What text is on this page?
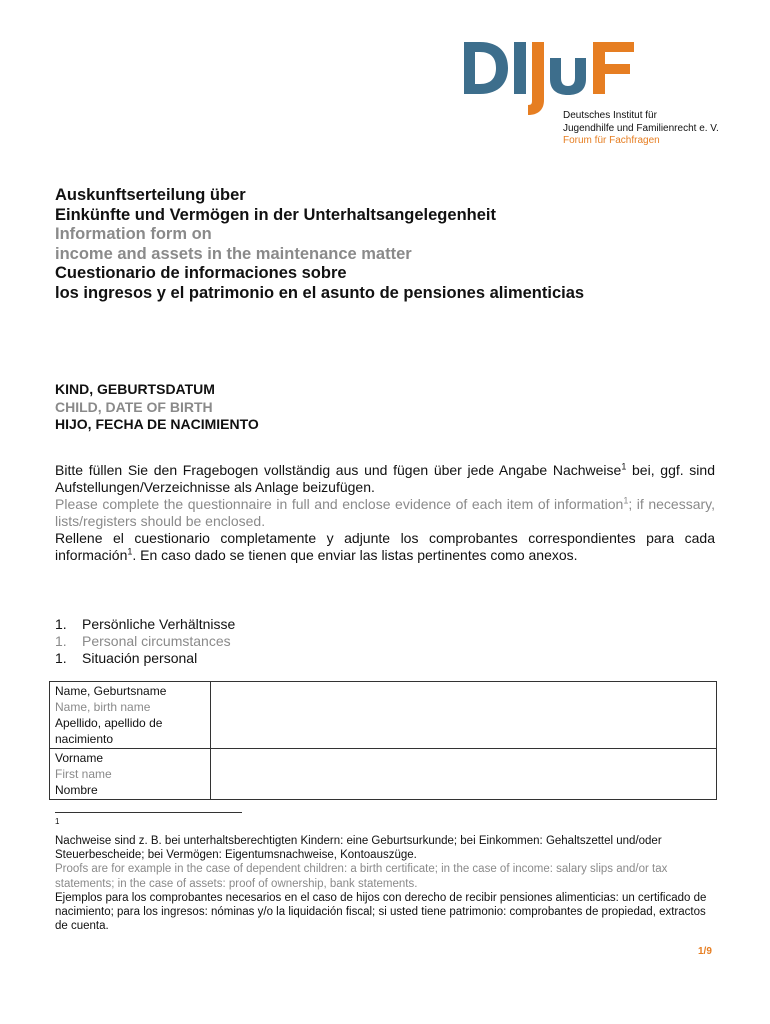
Deutsches Institut für
Jugendhilfe und Familienrecht e. V.
Forum für Fachfragen
Auskunftserteilung über
Einkünfte und Vermögen in der Unterhaltsangelegenheit
Information form on
income and assets in the maintenance matter
Cuestionario de informaciones sobre
los ingresos y el patrimonio en el asunto de pensiones alimenticias
KIND, GEBURTSDATUM
CHILD, DATE OF BIRTH
HIJO, FECHA DE NACIMIENTO
Bitte füllen Sie den Fragebogen vollständig aus und fügen über jede Angabe Nachweise$^1$ bei, ggf. sind Aufstellungen/Verzeichnisse als Anlage beizufügen.
Please complete the questionnaire in full and enclose evidence of each item of information$^1$; if necessary, lists/registers should be enclosed.
Rellene el cuestionario completamente y adjunte los comprobantes correspondientes para cada información$^1$. En caso dado se tienen que enviar las listas pertinentes como anexos.
1. Persönliche Verhältnisse
1. Personal circumstances
1. Situación personal
Name, Geburtsname
Name, birth name
Apellido, apellido de nacimiento	

Vorname
First name
Nombre	

1
Nachweise sind z. B. bei unterhaltsberechtigten Kindern: eine Geburtsurkunde; bei Einkommen: Gehaltszettel und/oder Steuerbescheide; bei Vermögen: Eigentumsnachweise, Kontoauszüge.
Proofs are for example in the case of dependent children: a birth certificate; in the case of income: salary slips and/or tax statements; in the case of assets: proof of ownership, bank statements.
Ejemplos para los comprobantes necesarios en el caso de hijos con derecho de recibir pensiones alimenticias: un certificado de nacimiento; para los ingresos: nóminas y/o la liquidación fiscal; si usted tiene patrimonio: comprobantes de propiedad, extractos de cuenta.
1/9
